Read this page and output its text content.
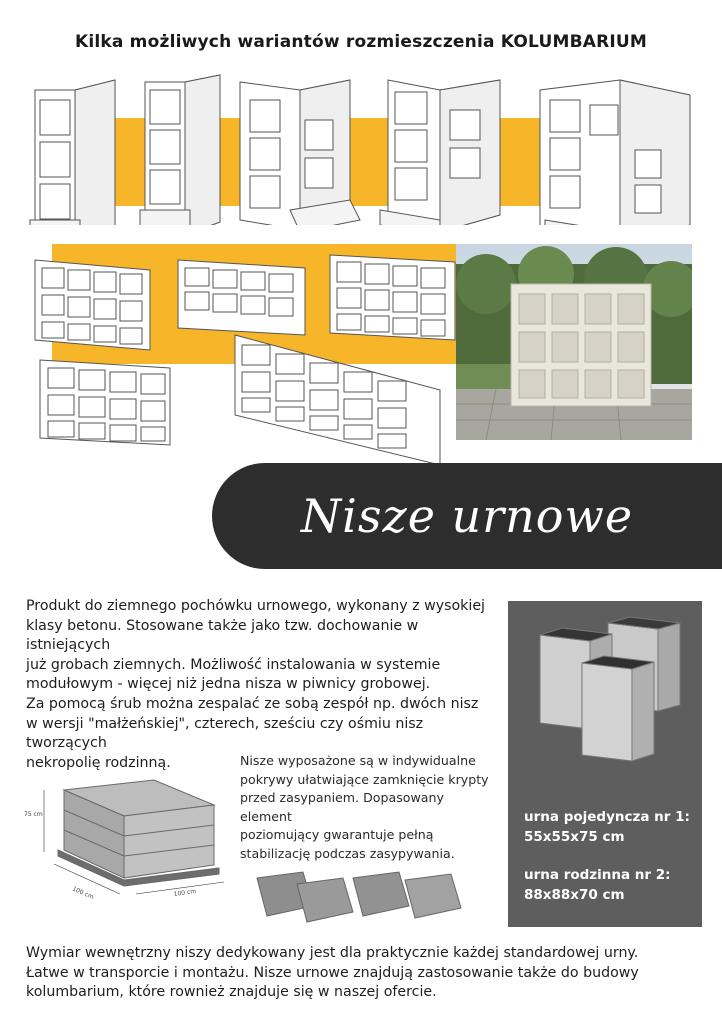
Kilka możliwych wariantów rozmieszczenia KOLUMBARIUM
Nisze urnowe
Produkt do ziemnego pochówku urnowego, wykonany z wysokiej
klasy betonu. Stosowane także jako tzw. dochowanie w istniejących
już grobach ziemnych. Możliwość instalowania w systemie
modułowym - więcej niż jedna nisza w piwnicy grobowej.
Za pomocą śrub można zespalać ze sobą zespół np. dwóch nisz
w wersji "małżeńskiej", czterech, sześciu czy ośmiu nisz tworzących
nekropolię rodzinną.
urna pojedyncza nr 1:
55x55x75 cm
urna rodzinna nr 2:
88x88x70 cm
75 cm
100 cm	100 cm
Nisze wyposażone są w indywidualne
pokrywy ułatwiające zamknięcie krypty
przed zasypaniem. Dopasowany element
poziomujący gwarantuje pełną
stabilizację podczas zasypywania.
Wymiar wewnętrzny niszy dedykowany jest dla praktycznie każdej standardowej urny.
Łatwe w transporcie i montażu. Nisze urnowe znajdują zastosowanie także do budowy
kolumbarium, które rownież znajduje się w naszej ofercie.
